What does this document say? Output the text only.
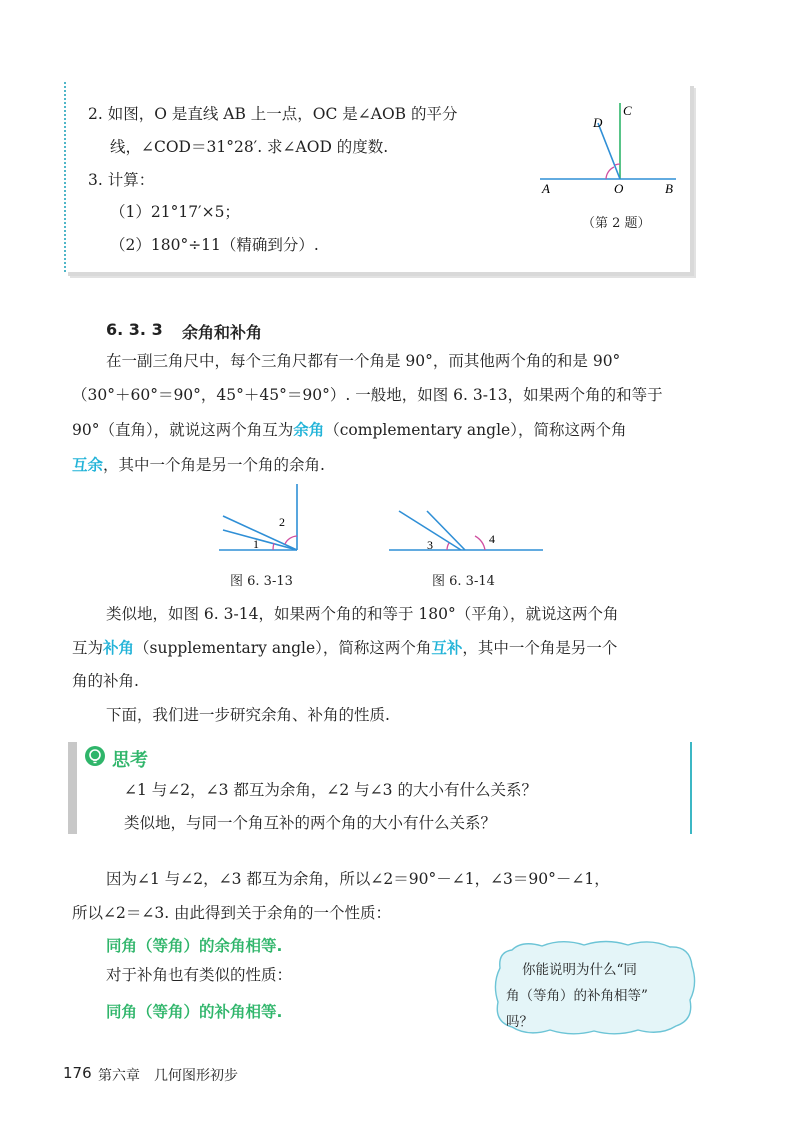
2. 如图，O 是直线 AB 上一点，OC 是∠AOB 的平分
线，∠COD＝31°28′. 求∠AOD 的度数.
3. 计算：
（1）21°17′×5；
（2）180°÷11（精确到分）.
A	O	B
C
D
（第 2 题）
6. 3. 3 余角和补角
在一副三角尺中，每个三角尺都有一个角是 90°，而其他两个角的和是 90°
（30°＋60°＝90°，45°＋45°＝90°）. 一般地，如图 6. 3-13，如果两个角的和等于
90°（直角），就说这两个角互为余角（complementary angle），简称这两个角
互余，其中一个角是另一个角的余角.
1
2
图 6. 3-13
3	4
图 6. 3-14
类似地，如图 6. 3-14，如果两个角的和等于 180°（平角），就说这两个角
互为补角（supplementary angle），简称这两个角互补，其中一个角是另一个
角的补角.
下面，我们进一步研究余角、补角的性质.
思考
∠1 与∠2，∠3 都互为余角，∠2 与∠3 的大小有什么关系？
类似地，与同一个角互补的两个角的大小有什么关系？
因为∠1 与∠2，∠3 都互为余角，所以∠2＝90°－∠1，∠3＝90°－∠1，
所以∠2＝∠3. 由此得到关于余角的一个性质：
同角（等角）的余角相等.
对于补角也有类似的性质：
同角（等角）的补角相等.
你能说明为什么“同
角（等角）的补角相等”
吗？
176 第六章　几何图形初步
